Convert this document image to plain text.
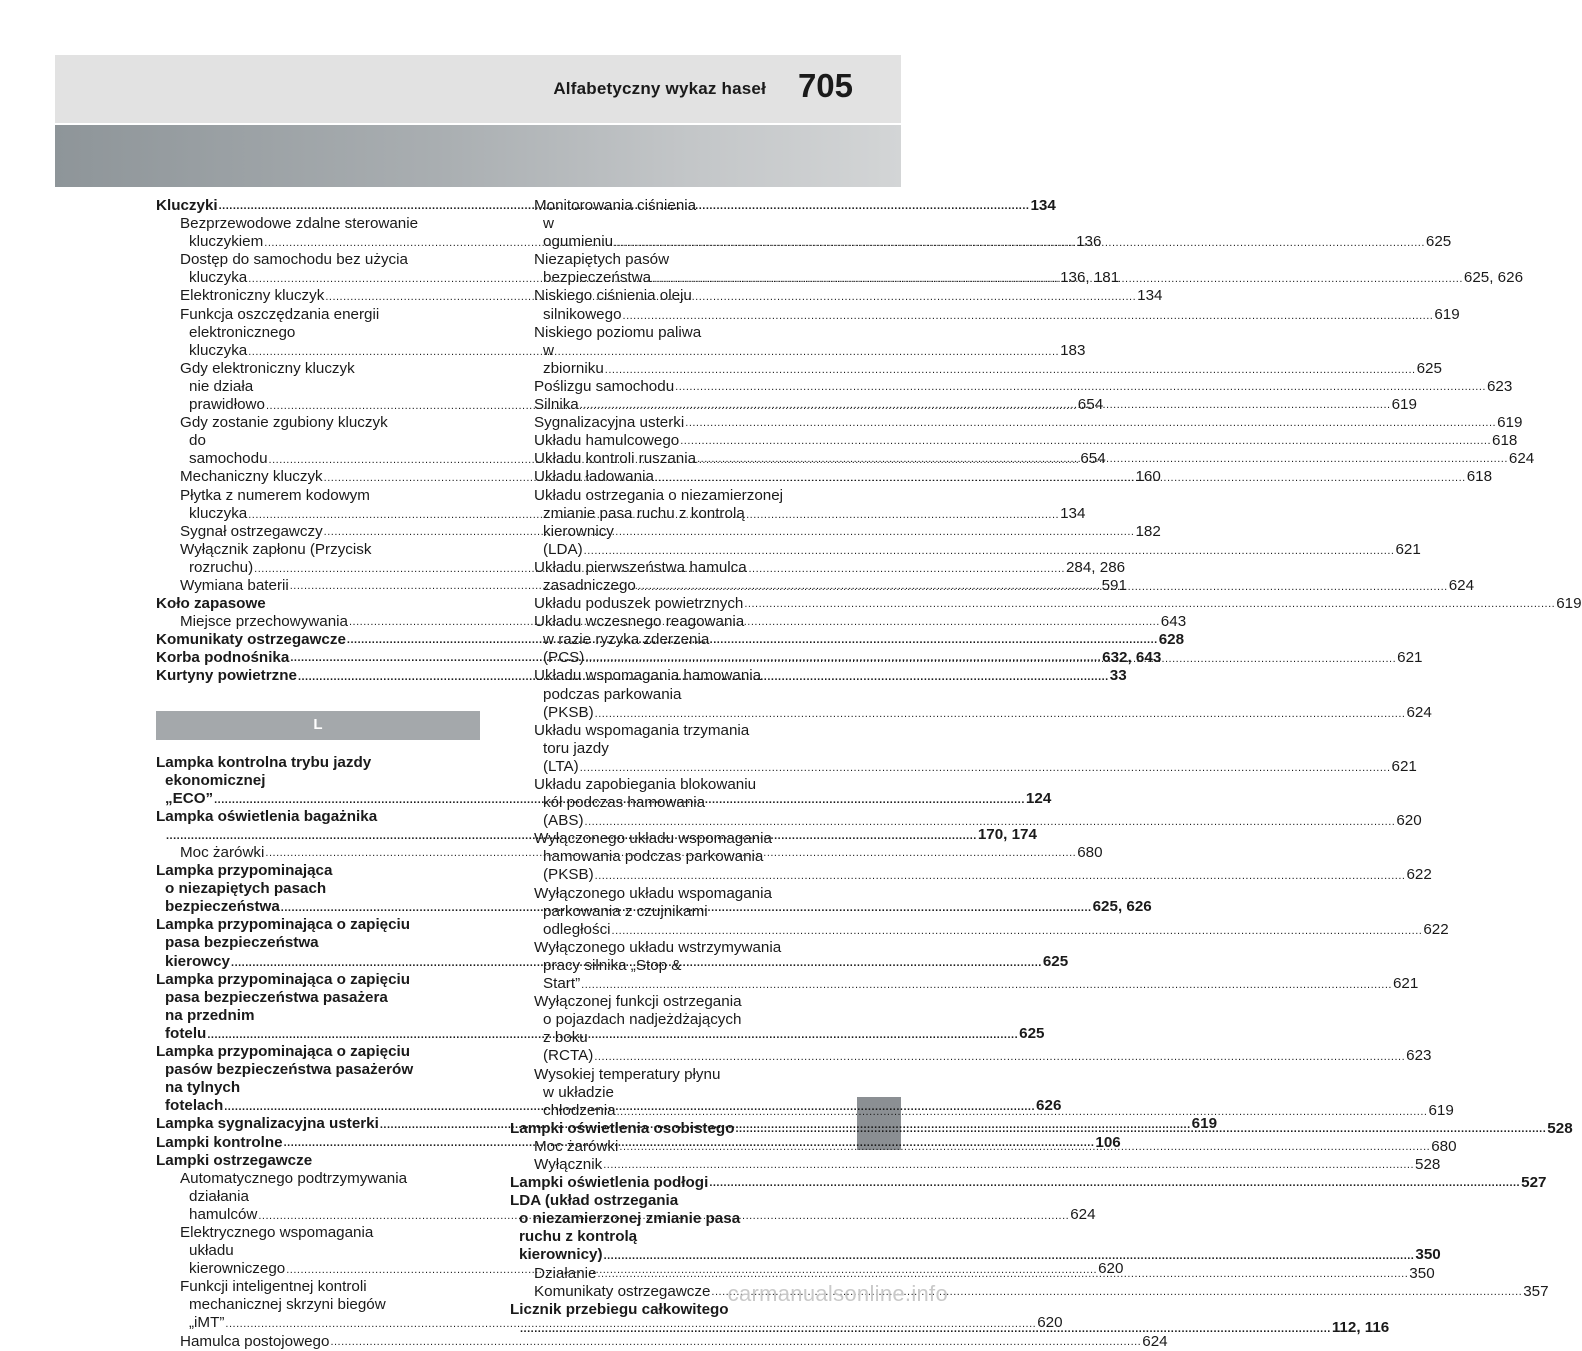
Alfabetyczny wykaz haseł 705
Kluczyki .....	134
Bezprzewodowe zdalne sterowanie
kluczykiem .....	136
Dostęp do samochodu bez użycia
kluczyka .....	136, 181
Elektroniczny kluczyk .....	134
Funkcja oszczędzania energii
elektronicznego kluczyka .....	183
Gdy elektroniczny kluczyk
nie działa prawidłowo .....	654
Gdy zostanie zgubiony kluczyk
do samochodu .....	654
Mechaniczny kluczyk .....	160
Płytka z numerem kodowym
kluczyka .....	134
Sygnał ostrzegawczy .....	182
Wyłącznik zapłonu (Przycisk
rozruchu) .....	284, 286
Wymiana baterii .....	591
Koło zapasowe
Miejsce przechowywania .....	643
Komunikaty ostrzegawcze .....	628
Korba podnośnika .....	632, 643
Kurtyny powietrzne .....	33
L
Lampka kontrolna trybu jazdy
ekonomicznej „ECO” .....	124
Lampka oświetlenia bagażnika
..... 170, 174
Moc żarówki .....	680
Lampka przypominająca
o niezapiętych pasach
bezpieczeństwa .....	625, 626
Lampka przypominająca o zapięciu
pasa bezpieczeństwa kierowcy .....	625
Lampka przypominająca o zapięciu
pasa bezpieczeństwa pasażera
na przednim fotelu .....	625
Lampka przypominająca o zapięciu
pasów bezpieczeństwa pasażerów
na tylnych fotelach .....	626
Lampka sygnalizacyjna usterki .....	619
Lampki kontrolne .....	106
Lampki ostrzegawcze
Automatycznego podtrzymywania
działania hamulców .....	624
Elektrycznego wspomagania
układu kierowniczego .....	620
Funkcji inteligentnej kontroli
mechanicznej skrzyni biegów
„iMT” .....	620
Hamulca postojowego .....	624
Monitorowania ciśnienia
w ogumieniu .....	625
Niezapiętych pasów
bezpieczeństwa .....	625, 626
Niskiego ciśnienia oleju
silnikowego .....	619
Niskiego poziomu paliwa
w zbiorniku .....	625
Poślizgu samochodu .....	623
Silnika .....	619
Sygnalizacyjna usterki .....	619
Układu hamulcowego .....	618
Układu kontroli ruszania .....	624
Układu ładowania .....	618
Układu ostrzegania o niezamierzonej
zmianie pasa ruchu z kontrolą
kierownicy (LDA) .....	621
Układu pierwszeństwa hamulca
zasadniczego .....	624
Układu poduszek powietrznych .....	619
Układu wczesnego reagowania
w razie ryzyka zderzenia
(PCS) .....	621
Układu wspomagania hamowania
podczas parkowania (PKSB) .....	624
Układu wspomagania trzymania
toru jazdy (LTA) .....	621
Układu zapobiegania blokowaniu
kół podczas hamowania (ABS) .....	620
Wyłączonego układu wspomagania
hamowania podczas parkowania
(PKSB) .....	622
Wyłączonego układu wspomagania
parkowania z czujnikami
odległości .....	622
Wyłączonego układu wstrzymywania
pracy silnika „Stop & Start” .....	621
Wyłączonej funkcji ostrzegania
o pojazdach nadjeżdżających
z boku (RCTA) .....	623
Wysokiej temperatury płynu
w układzie chłodzenia .....	619
Lampki oświetlenia osobistego .....	528
Moc żarówki .....	680
Wyłącznik .....	528
Lampki oświetlenia podłogi .....	527
LDA (układ ostrzegania
o niezamierzonej zmianie pasa
ruchu z kontrolą kierownicy) .....	350
Działanie .....	350
Komunikaty ostrzegawcze .....	357
Licznik przebiegu całkowitego
..... 112, 116
carmanualsonline.info
